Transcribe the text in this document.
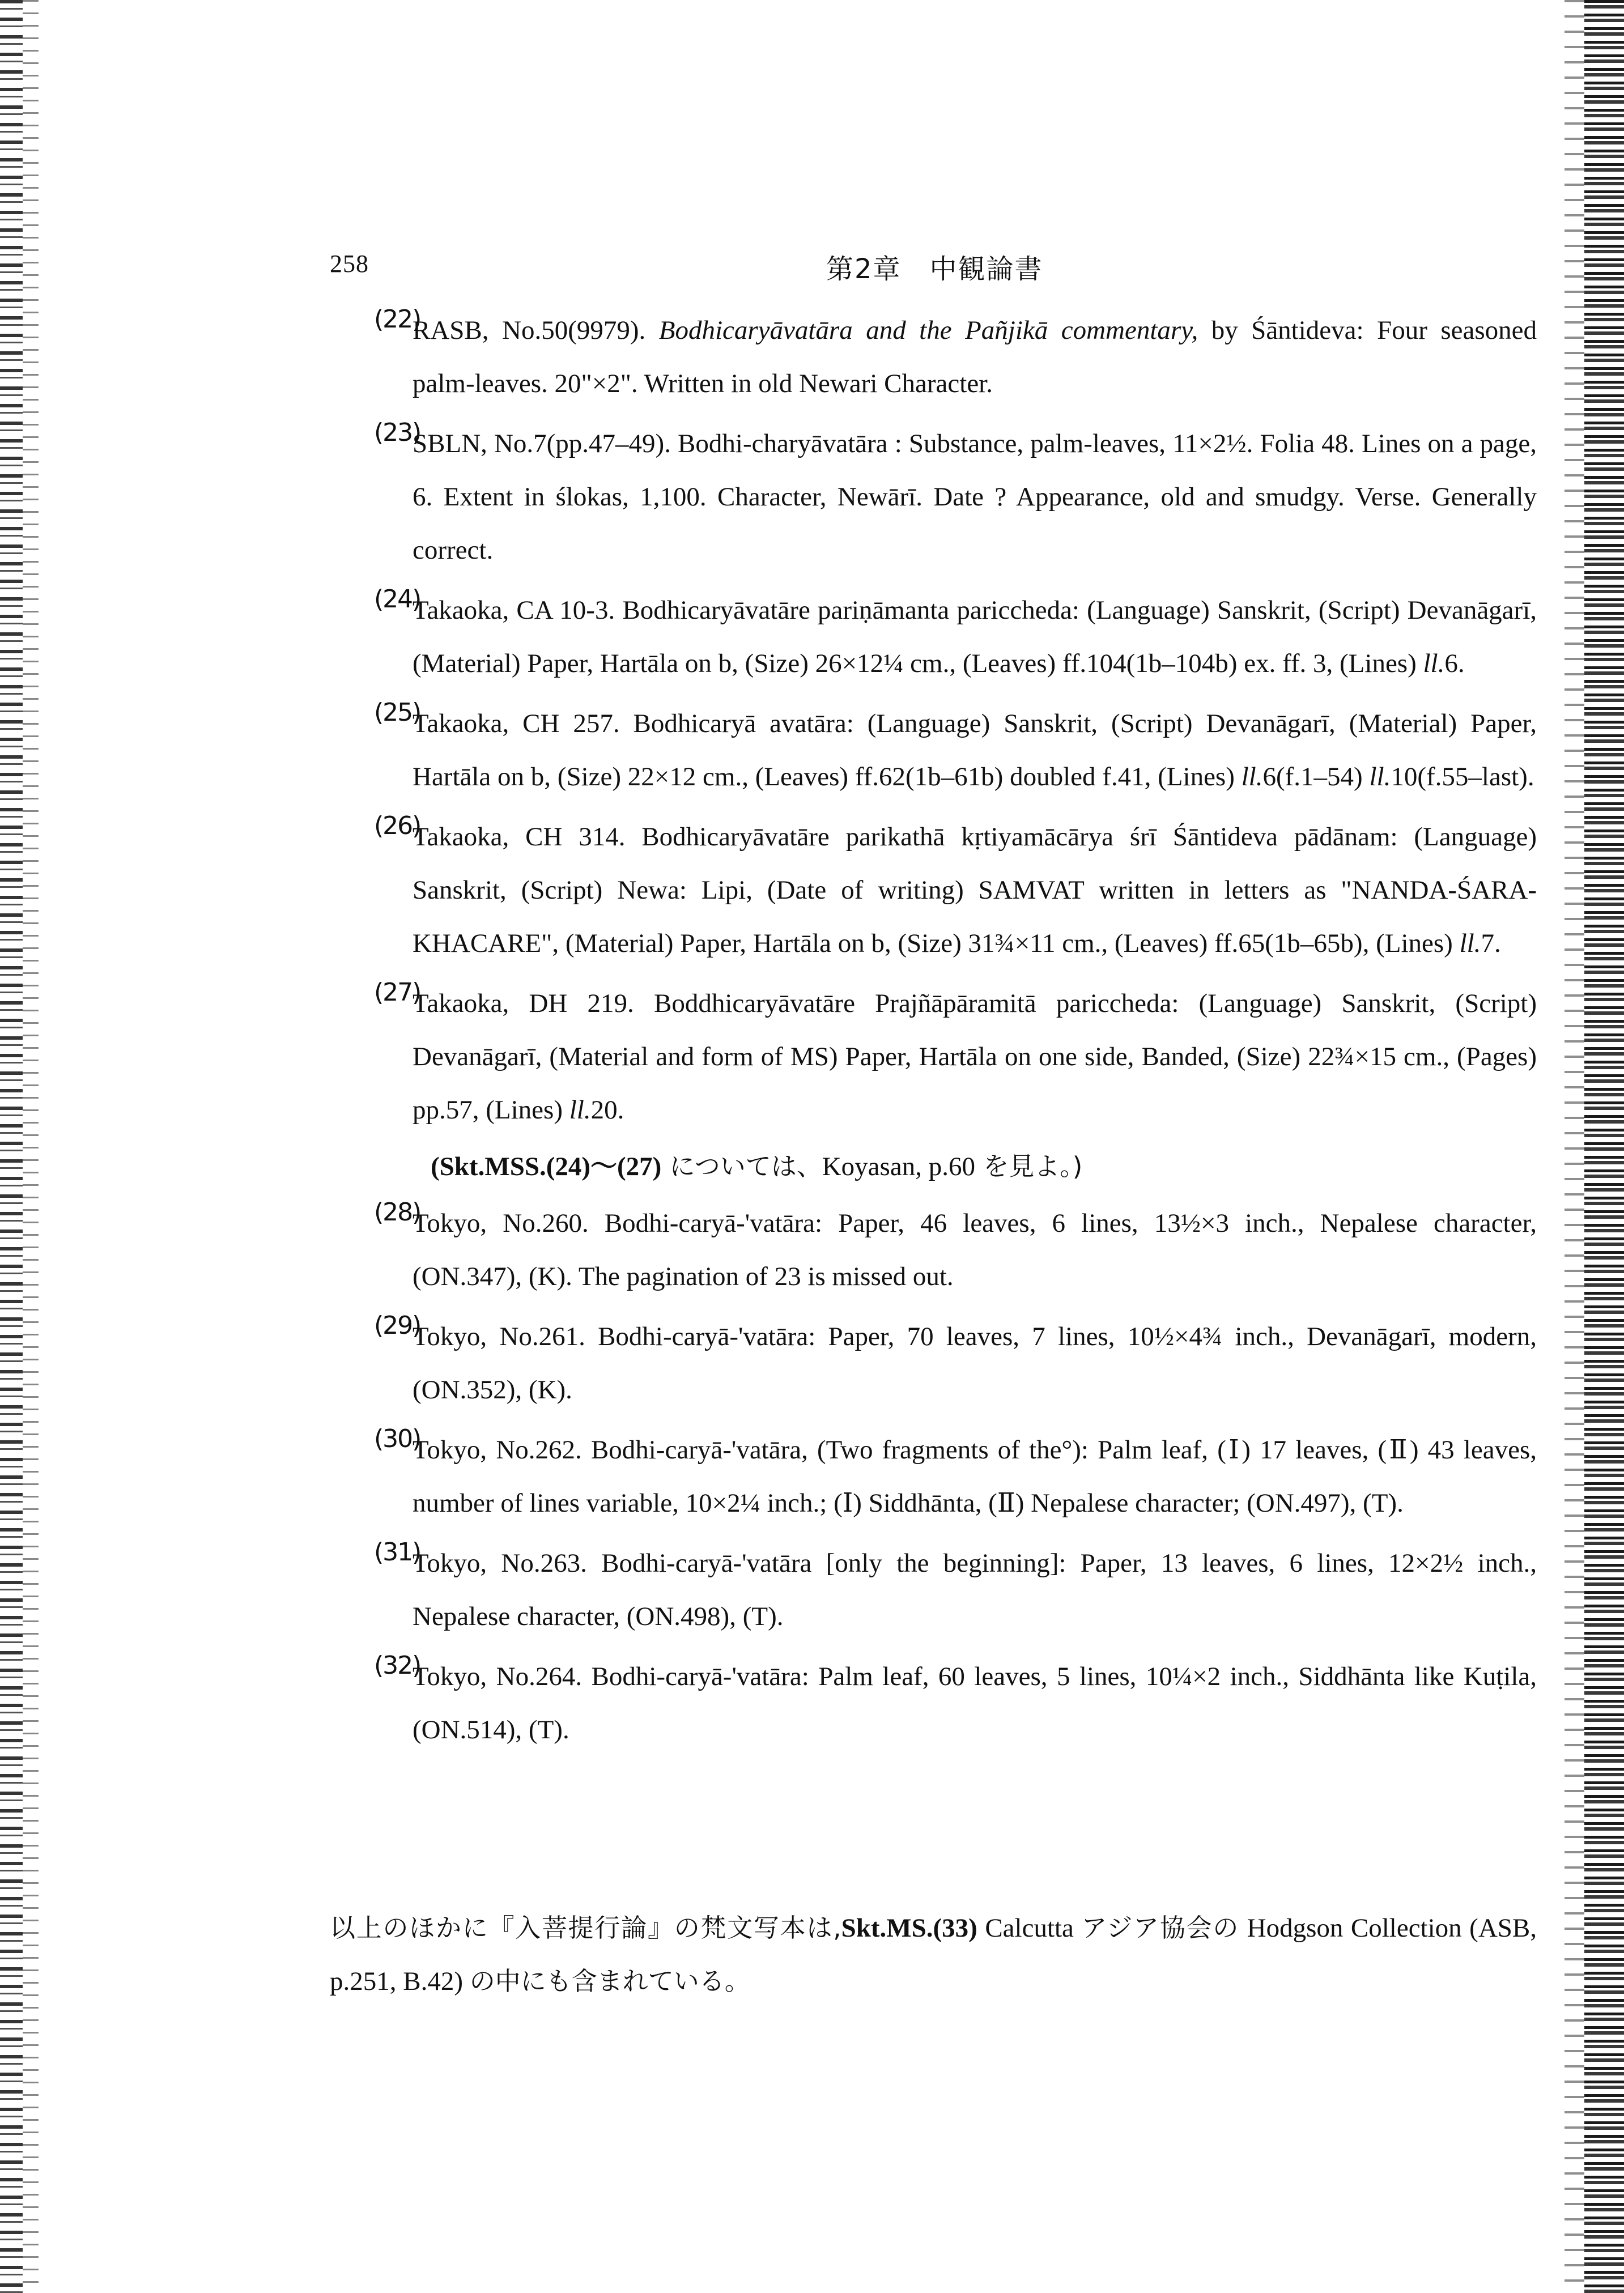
258	第2章　中観論書
(22)
RASB, No.50(9979). Bodhicaryāvatāra and the Pañjikā commentary, by Śāntideva: Four seasoned palm-leaves. 20"×2". Written in old Newari Character.
(23)
SBLN, No.7(pp.47–49). Bodhi-charyāvatāra : Substance, palm-leaves, 11×2½. Folia 48. Lines on a page, 6. Extent in ślokas, 1,100. Character, Newārī. Date ? Appearance, old and smudgy. Verse. Generally correct.
(24)
Takaoka, CA 10-3. Bodhicaryāvatāre pariṇāmanta pariccheda: (Language) Sanskrit, (Script) Devanāgarī, (Material) Paper, Hartāla on b, (Size) 26×12¼ cm., (Leaves) ff.104(1b–104b) ex. ff. 3, (Lines) ll.6.
(25)
Takaoka, CH 257. Bodhicaryā avatāra: (Language) Sanskrit, (Script) Devanāgarī, (Material) Paper, Hartāla on b, (Size) 22×12 cm., (Leaves) ff.62(1b–61b) doubled f.41, (Lines) ll.6(f.1–54) ll.10(f.55–last).
(26)
Takaoka, CH 314. Bodhicaryāvatāre parikathā kṛtiyamācārya śrī Śāntideva pādānam: (Language) Sanskrit, (Script) Newa: Lipi, (Date of writing) SAMVAT written in letters as "NANDA-ŚARA-KHACARE", (Material) Paper, Hartāla on b, (Size) 31¾×11 cm., (Leaves) ff.65(1b–65b), (Lines) ll.7.
(27)
Takaoka, DH 219. Boddhicaryāvatāre Prajñāpāramitā pariccheda: (Language) Sanskrit, (Script) Devanāgarī, (Material and form of MS) Paper, Hartāla on one side, Banded, (Size) 22¾×15 cm., (Pages) pp.57, (Lines) ll.20.
(Skt.MSS.(24)〜(27) については、Koyasan, p.60 を見よ。)
(28)
Tokyo, No.260. Bodhi-caryā-'vatāra: Paper, 46 leaves, 6 lines, 13½×3 inch., Nepalese character, (ON.347), (K). The pagination of 23 is missed out.
(29)
Tokyo, No.261. Bodhi-caryā-'vatāra: Paper, 70 leaves, 7 lines, 10½×4¾ inch., Devanāgarī, modern, (ON.352), (K).
(30)
Tokyo, No.262. Bodhi-caryā-'vatāra, (Two fragments of the°): Palm leaf, (Ⅰ) 17 leaves, (Ⅱ) 43 leaves, number of lines variable, 10×2¼ inch.; (Ⅰ) Siddhānta, (Ⅱ) Nepalese character; (ON.497), (T).
(31)
Tokyo, No.263. Bodhi-caryā-'vatāra [only the beginning]: Paper, 13 leaves, 6 lines, 12×2½ inch., Nepalese character, (ON.498), (T).
(32)
Tokyo, No.264. Bodhi-caryā-'vatāra: Palm leaf, 60 leaves, 5 lines, 10¼×2 inch., Siddhānta like Kuṭila, (ON.514), (T).
以上のほかに『入菩提行論』の梵文写本は,Skt.MS.(33) Calcutta アジア協会の Hodgson Collection (ASB, p.251, B.42) の中にも含まれている。
